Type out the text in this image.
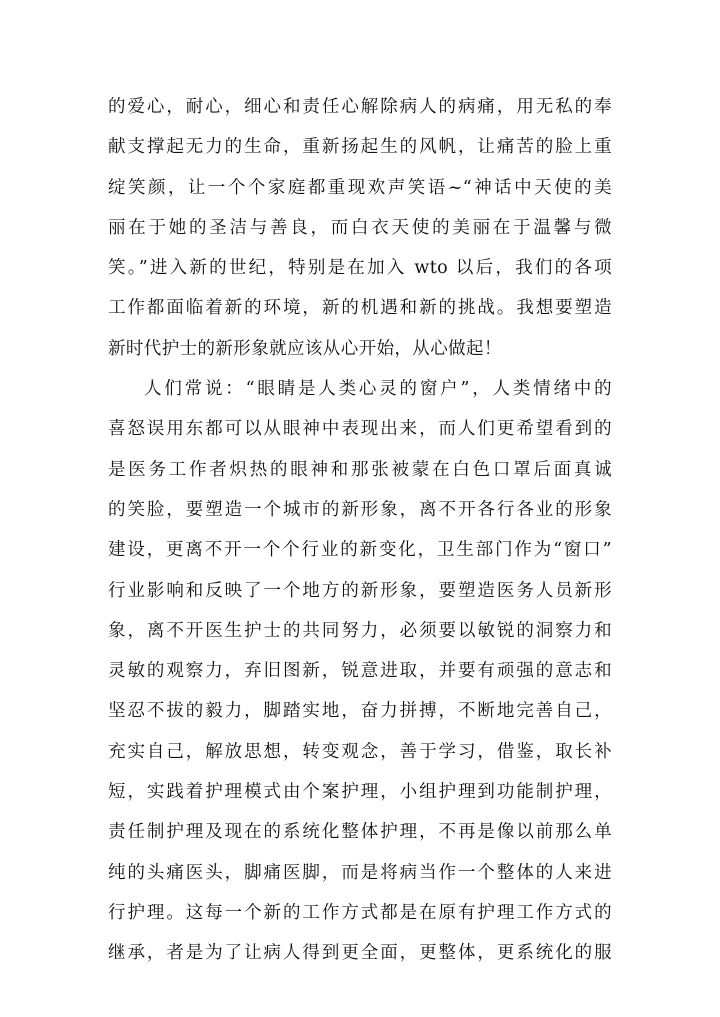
的爱心，耐心，细心和责任心解除病人的病痛，用无私的奉
献支撑起无力的生命，重新扬起生的风帆，让痛苦的脸上重
绽笑颜，让一个个家庭都重现欢声笑语~“神话中天使的美
丽在于她的圣洁与善良，而白衣天使的美丽在于温馨与微
笑。”进入新的世纪，特别是在加入 wto 以后，我们的各项
工作都面临着新的环境，新的机遇和新的挑战。我想要塑造
新时代护士的新形象就应该从心开始，从心做起！
人们常说：“眼睛是人类心灵的窗户”，人类情绪中的
喜怒误用东都可以从眼神中表现出来，而人们更希望看到的
是医务工作者炽热的眼神和那张被蒙在白色口罩后面真诚
的笑脸，要塑造一个城市的新形象，离不开各行各业的形象
建设，更离不开一个个行业的新变化，卫生部门作为“窗口”
行业影响和反映了一个地方的新形象，要塑造医务人员新形
象，离不开医生护士的共同努力，必须要以敏锐的洞察力和
灵敏的观察力，弃旧图新，锐意进取，并要有顽强的意志和
坚忍不拔的毅力，脚踏实地，奋力拼搏，不断地完善自己，
充实自己，解放思想，转变观念，善于学习，借鉴，取长补
短，实践着护理模式由个案护理，小组护理到功能制护理，
责任制护理及现在的系统化整体护理，不再是像以前那么单
纯的头痛医头，脚痛医脚，而是将病当作一个整体的人来进
行护理。这每一个新的工作方式都是在原有护理工作方式的
继承，者是为了让病人得到更全面，更整体，更系统化的服
